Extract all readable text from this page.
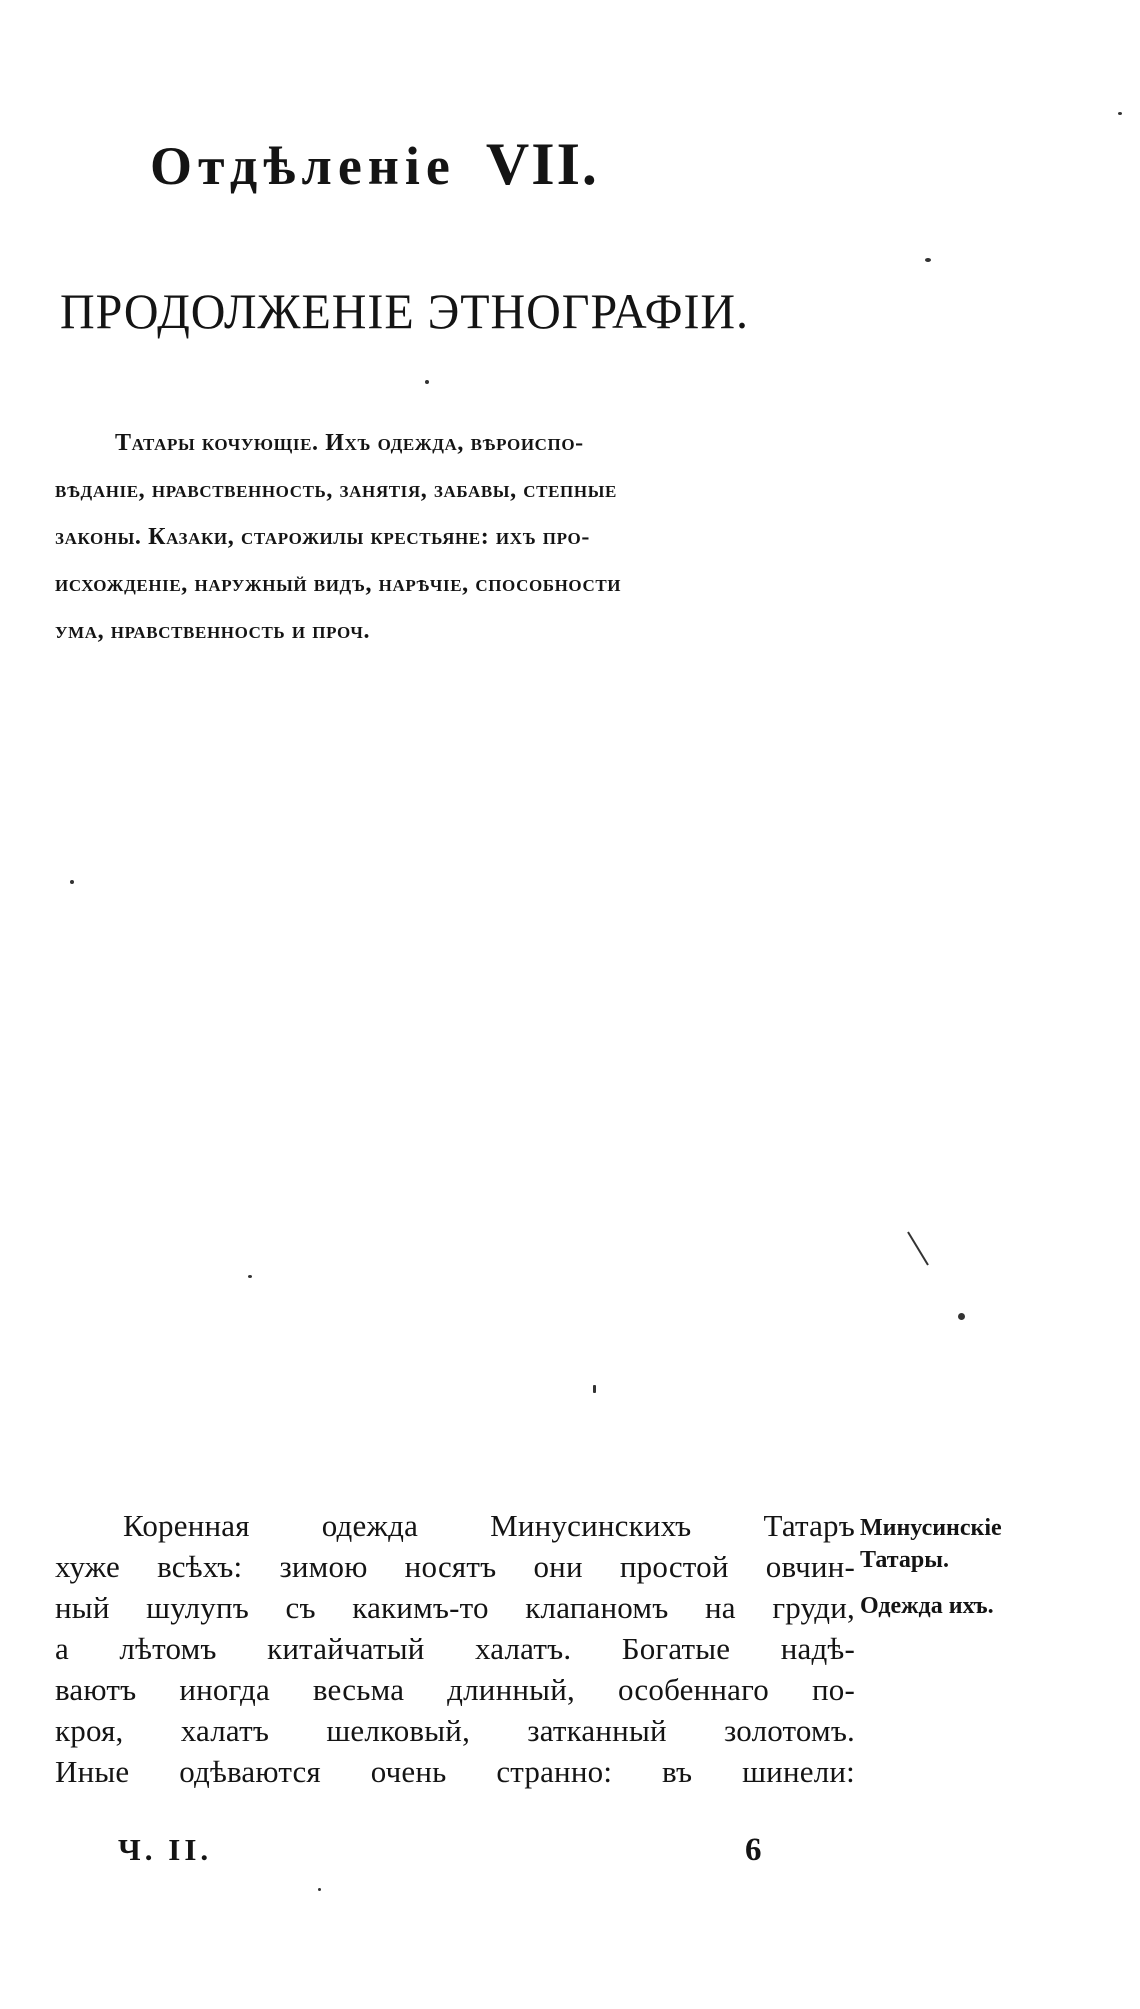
Отдѣленіе VII.
ПРОДОЛЖЕНІЕ ЭТНОГРАФІИ.
Татары кочующіе. Ихъ одежда, вѣроиспо-
вѣданіе, нравственность, занятія, забавы, степные
законы. Казаки, старожилы крестьяне: ихъ про-
исхожденіе, наружный видъ, нарѣчіе, способности
ума, нравственность и проч.
Коренная одежда Минусинскихъ Татаръ
хуже всѣхъ: зимою носятъ они простой овчин-
ный шулупъ съ какимъ-то клапаномъ на груди,
а лѣтомъ китайчатый халатъ. Богатые надѣ-
ваютъ иногда весьма длинный, особеннаго по-
кроя, халатъ шелковый, затканный золотомъ.
Иные одѣваются очень странно: въ шинели:
Минусинскіе
Татары.
Одежда ихъ.
Ч. II.	6
